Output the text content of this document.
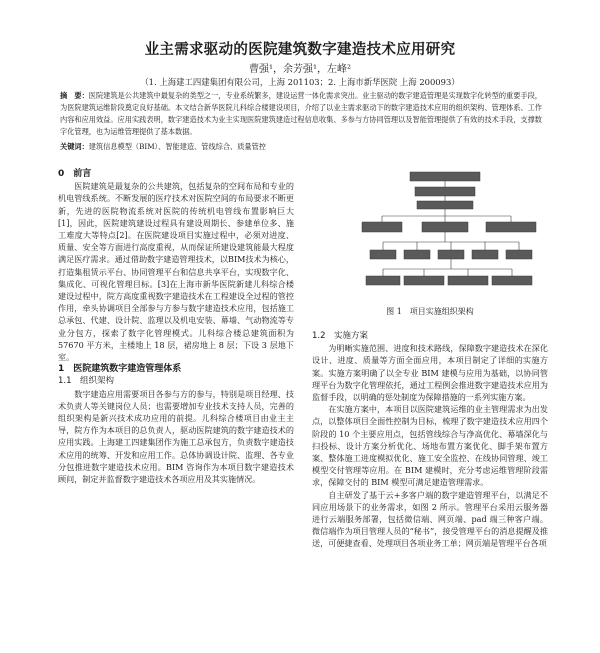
业主需求驱动的医院建筑数字建造技术应用研究
曹强¹，余芳强¹，左峰²
（1. 上海建工四建集团有限公司，上海 201103；2. 上海市新华医院 上海 200093）
摘　要：医院建筑是公共建筑中最复杂的类型之一，专业系统繁多，建设运营一体化需求突出。业主驱动的数字建造管理是实现数字化转型的重要手段，为医院建筑运维阶段奠定良好基础。本文结合新华医院儿科综合楼建设项目，介绍了以业主需求驱动下的数字建造技术应用的组织架构、管理体系、工作内容和应用效益。应用实践表明，数字建造技术为业主实现医院建筑建造过程信息收集、多参与方协同管理以及智能管理提供了有效的技术手段，支撑数字化管理，也为运维管理提供了基本数据。
关键词：建筑信息模型（BIM）、智能建造、管线综合、质量管控

0　前言

医院建筑是最复杂的公共建筑，包括复杂的空间布局和专业的机电管线系统。不断发展的医疗技术对医院空间的布局要求不断更新，先进的医院物流系统对医院的传统机电管线布置影响巨大[1]，因此，医院建筑建设过程具有建设周期长、参建单位多、施工难度大等特点[2]。在医院建设项目实施过程中，必须对进度、质量、安全等方面进行高度重视，从而保证所建设建筑能最大程度满足医疗需求。通过借助数字建造管理技术，以BIM技术为核心，打造集租赁示平台、协同管理平台和信息共享平台，实现数字化、集成化、可视化管理目标。[3]在上海市新华医院新建儿科综合楼建设过程中，院方高度重视数字建造技术在工程建设全过程的管控作用，牵头协调项目全部参与方参与数字建造技术应用，包括施工总承包、代建、设计院、监理以及机电安装、幕墙、气动物流等专业分包方，探索了数字化管理模式。儿科综合楼总建筑面积为 57670 平方米，主楼地上 18 层，裙房地上 8 层；下设 3 层地下室。

1　医院建筑数字建造管理体系

1.1　组织架构

数字建造应用需要项目各参与方的参与，特别是项目经理、技术负责人等关键岗位人员；也需要增加专业技术支持人员，完善的组织架构是新兴技术成功应用的前提。儿科综合楼项目由业主主导，院方作为本项目的总负责人，驱动医院建筑的数字建造技术的应用实践。上海建工四建集团作为施工总承包方，负责数字建造技术应用的统筹、开发和应用工作。总体协调设计院、监理、各专业分包推进数字建造技术应用。BIM 咨询作为本项目数字建造技术顾问，制定并监督数字建造技术各项应用及其实施情况。

图 1　项目实施组织架构

1.2　实施方案

为明晰实施范围、进度和技术路线，保障数字建造技术在深化设计、进度、质量等方面全面应用，本项目制定了详细的实施方案。实施方案明确了以全专业 BIM 建模与应用为基础，以协同管理平台为数字化管理依托，通过工程例会推进数字建造技术应用为监督手段，以明确的惩处制度为保障措施的一系列实施方案。

在实施方案中，本项目以医院建筑运维的业主管理需求为出发点，以整体项目全面性控制为目标，梳理了数字建造技术应用四个阶段的 10 个主要应用点，包括管线综合与净高优化、幕墙深化与扫投标、设计方案分析优化、场地布置方案优化、脚手架布置方案、整体施工进度模拟优化、施工安全监控、在线协同管理、竣工模型交付管理等应用。在 BIM 建模时，充分考虑运维管理阶段需求，保障交付的 BIM 模型可满足建造管理需求。

自主研发了基于云+多客户端的数字建造管理平台，以满足不同应用场景下的业务需求，如图 2 所示。管理平台采用云服务器进行云端服务部署，包括微信端、网页端、pad 端三种客户端。微信端作为项目管理人员的“秘书”，接受管理平台的消息提醒及推送，可便捷查看、处理项目各项业务工单；网页端是管理平台各项
